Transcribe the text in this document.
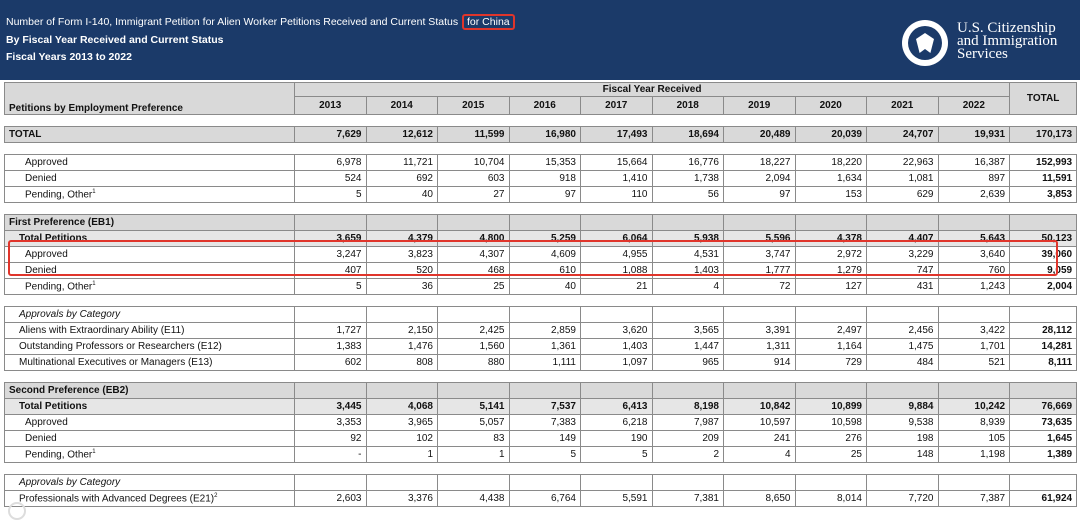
Number of Form I-140, Immigrant Petition for Alien Worker Petitions Received and Current Status for China
By Fiscal Year Received and Current Status
Fiscal Years 2013 to 2022
U.S. Citizenship
and Immigration
Services
Petitions by Employment Preference	Fiscal Year Received										TOTAL
	2013	2014	2015	2016	2017	2018	2019	2020	2021	2022	

TOTAL	7,629	12,612	11,599	16,980	17,493	18,694	20,489	20,039	24,707	19,931	170,173

Approved	6,978	11,721	10,704	15,353	15,664	16,776	18,227	18,220	22,963	16,387	152,993
Denied	524	692	603	918	1,410	1,738	2,094	1,634	1,081	897	11,591
Pending, Other$^1$	5	40	27	97	110	56	97	153	629	2,639	3,853

First Preference (EB1)											
Total Petitions	3,659	4,379	4,800	5,259	6,064	5,938	5,596	4,378	4,407	5,643	50,123
Approved	3,247	3,823	4,307	4,609	4,955	4,531	3,747	2,972	3,229	3,640	39,060
Denied	407	520	468	610	1,088	1,403	1,777	1,279	747	760	9,059
Pending, Other$^1$	5	36	25	40	21	4	72	127	431	1,243	2,004

Approvals by Category											
Aliens with Extraordinary Ability (E11)	1,727	2,150	2,425	2,859	3,620	3,565	3,391	2,497	2,456	3,422	28,112
Outstanding Professors or Researchers (E12)	1,383	1,476	1,560	1,361	1,403	1,447	1,311	1,164	1,475	1,701	14,281
Multinational Executives or Managers (E13)	602	808	880	1,111	1,097	965	914	729	484	521	8,111

Second Preference (EB2)											
Total Petitions	3,445	4,068	5,141	7,537	6,413	8,198	10,842	10,899	9,884	10,242	76,669
Approved	3,353	3,965	5,057	7,383	6,218	7,987	10,597	10,598	9,538	8,939	73,635
Denied	92	102	83	149	190	209	241	276	198	105	1,645
Pending, Other$^1$	-	1	1	5	5	2	4	25	148	1,198	1,389

Approvals by Category											
Professionals with Advanced Degrees $(E21)^2$	2,603	3,376	4,438	6,764	5,591	7,381	8,650	8,014	7,720	7,387	61,924
